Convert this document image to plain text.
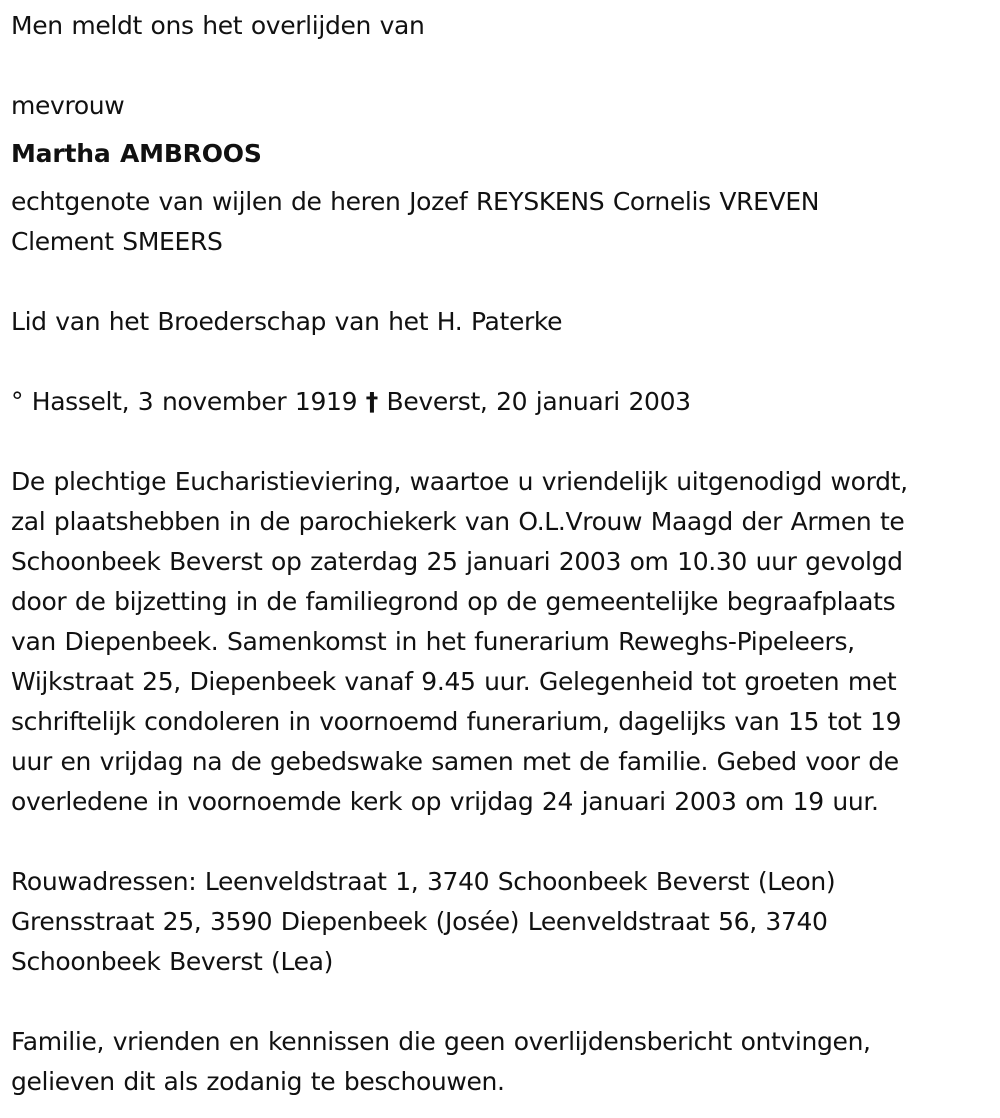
Men meldt ons het overlijden van

mevrouw

Martha AMBROOS

echtgenote van wijlen de heren Jozef REYSKENS Cornelis VREVEN

Clement SMEERS

Lid van het Broederschap van het H. Paterke

° Hasselt, 3 november 1919 † Beverst, 20 januari 2003

De plechtige Eucharistieviering, waartoe u vriendelijk uitgenodigd wordt,

zal plaatshebben in de parochiekerk van O.L.Vrouw Maagd der Armen te

Schoonbeek Beverst op zaterdag 25 januari 2003 om 10.30 uur gevolgd

door de bijzetting in de familiegrond op de gemeentelijke begraafplaats

van Diepenbeek. Samenkomst in het funerarium Reweghs-Pipeleers,

Wijkstraat 25, Diepenbeek vanaf 9.45 uur. Gelegenheid tot groeten met

schriftelijk condoleren in voornoemd funerarium, dagelijks van 15 tot 19

uur en vrijdag na de gebedswake samen met de familie. Gebed voor de

overledene in voornoemde kerk op vrijdag 24 januari 2003 om 19 uur.

Rouwadressen: Leenveldstraat 1, 3740 Schoonbeek Beverst (Leon)

Grensstraat 25, 3590 Diepenbeek (Josée) Leenveldstraat 56, 3740

Schoonbeek Beverst (Lea)

Familie, vrienden en kennissen die geen overlijdensbericht ontvingen,

gelieven dit als zodanig te beschouwen.
